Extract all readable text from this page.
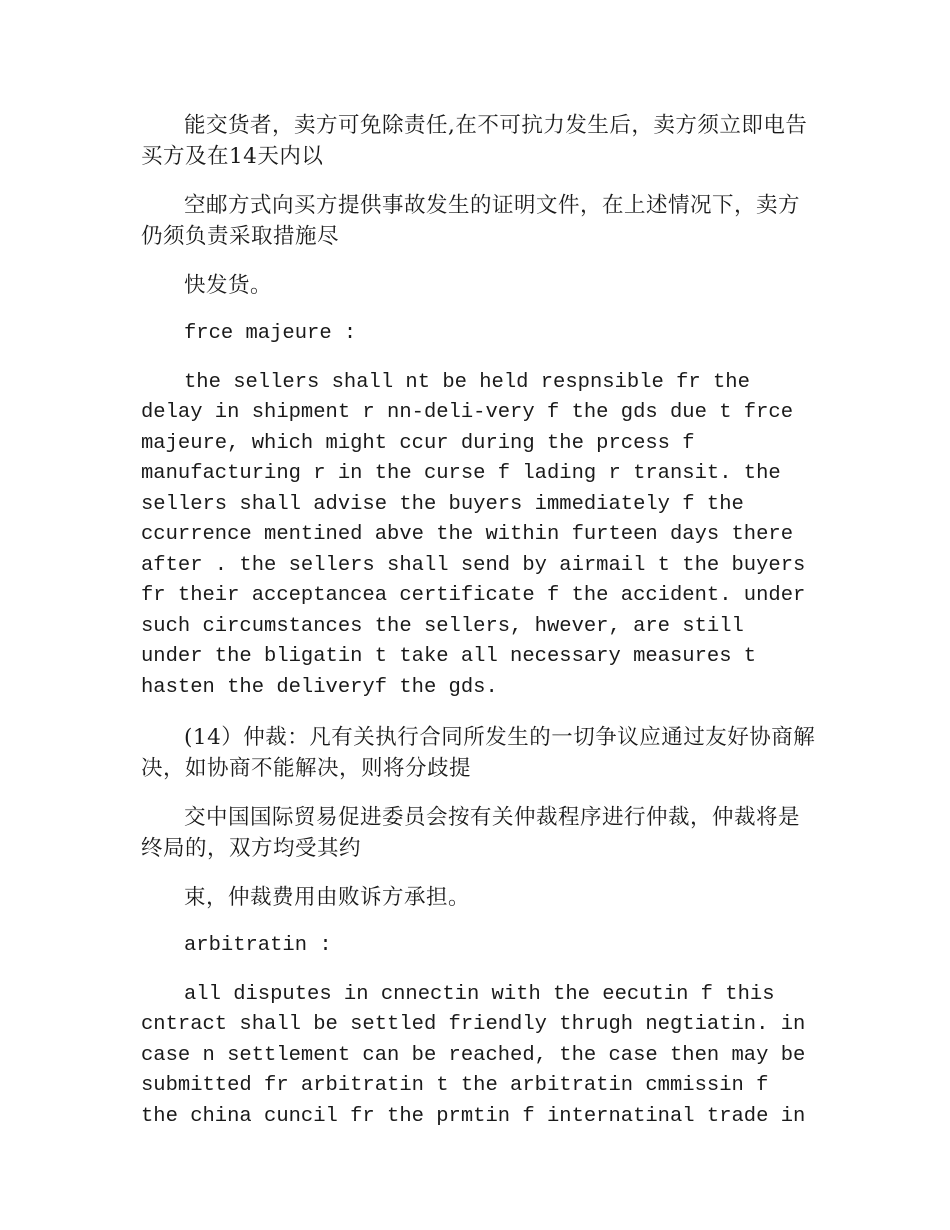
能交货者，卖方可免除责任,在不可抗力发生后，卖方须立即电告买方及在14天内以

空邮方式向买方提供事故发生的证明文件，在上述情况下，卖方仍须负责采取措施尽

快发货。

frce majeure :

the sellers shall nt be held respnsible fr the delay in shipment r nn-deli-very f the gds due t frce majeure, which might ccur during the prcess f manufacturing r in the curse f lading r transit. the sellers shall advise the buyers immediately f the ccurrence mentined abve the within furteen days there after . the sellers shall send by airmail t the buyers fr their acceptancea certificate f the accident. under such circumstances the sellers, hwever, are still under the bligatin t take all necessary measures t hasten the deliveryf the gds.

(14）仲裁：凡有关执行合同所发生的一切争议应通过友好协商解决，如协商不能解决，则将分歧提

交中国国际贸易促进委员会按有关仲裁程序进行仲裁，仲裁将是终局的，双方均受其约

束，仲裁费用由败诉方承担。

arbitratin :

all disputes in cnnectin with the eecutin f this cntract shall be settled friendly thrugh negtiatin. in case n settlement can be reached, the case then may be submitted fr arbitratin t the arbitratin cmmissin f the china cuncil fr the prmtin f internatinal trade in
